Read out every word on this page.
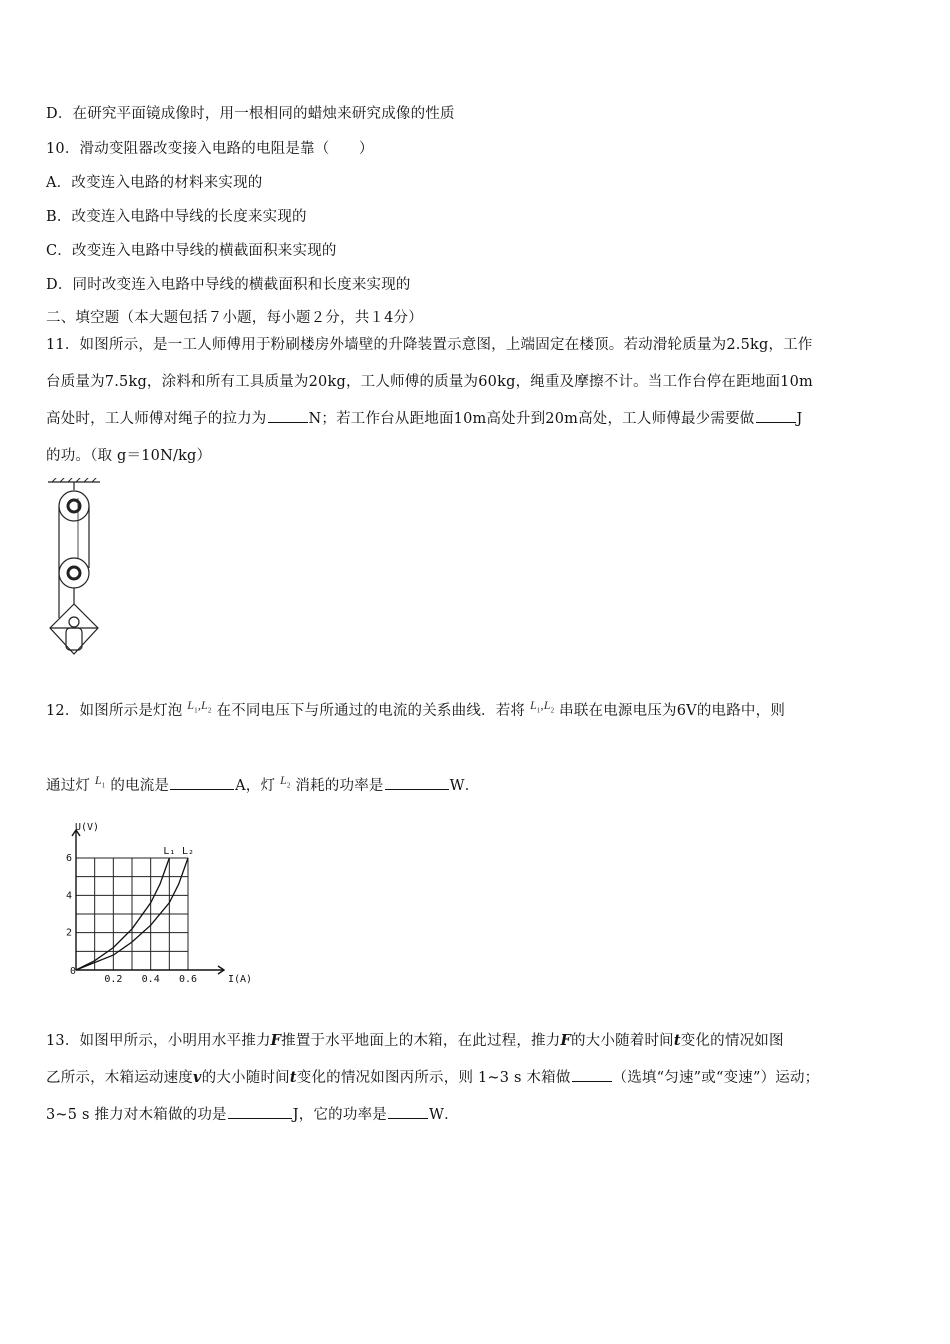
D．在研究平面镜成像时，用一根相同的蜡烛来研究成像的性质
10．滑动变阻器改变接入电路的电阻是靠（　　）
A．改变连入电路的材料来实现的
B．改变连入电路中导线的长度来实现的
C．改变连入电路中导线的横截面积来实现的
D．同时改变连入电路中导线的横截面积和长度来实现的
二、填空题（本大题包括７小题，每小题２分，共１4分）
11．如图所示，是一工人师傅用于粉刷楼房外墙壁的升降装置示意图，上端固定在楼顶。若动滑轮质量为2.5kg，工作
台质量为7.5kg，涂料和所有工具质量为20kg，工人师傅的质量为60kg，绳重及摩擦不计。当工作台停在距地面10m
高处时，工人师傅对绳子的拉力为	N；若工作台从距地面10m高处升到20m高处，工人师傅最少需要做	J
的功。（取 g＝10N/kg）
12．如图所示是灯泡 $^{L_1,L_2}$ 在不同电压下与所通过的电流的关系曲线．若将 $^{L_1,L_2}$ 串联在电源电压为6V的电路中，则
通过灯 $^{L_1}$ 的电流是	A，灯 $^{L_2}$ 消耗的功率是	W．
L₁ L₂
0.2 0.4 0.6
2
4
6
0
I(A)
U(V)
13．如图甲所示，小明用水平推力F推置于水平地面上的木箱，在此过程，推力F的大小随着时间t变化的情况如图
乙所示，木箱运动速度v的大小随时间t变化的情况如图丙所示，则 1~3 s 木箱做	（选填“匀速”或“变速”）运动；
3~5 s 推力对木箱做的功是	J，它的功率是	W．
